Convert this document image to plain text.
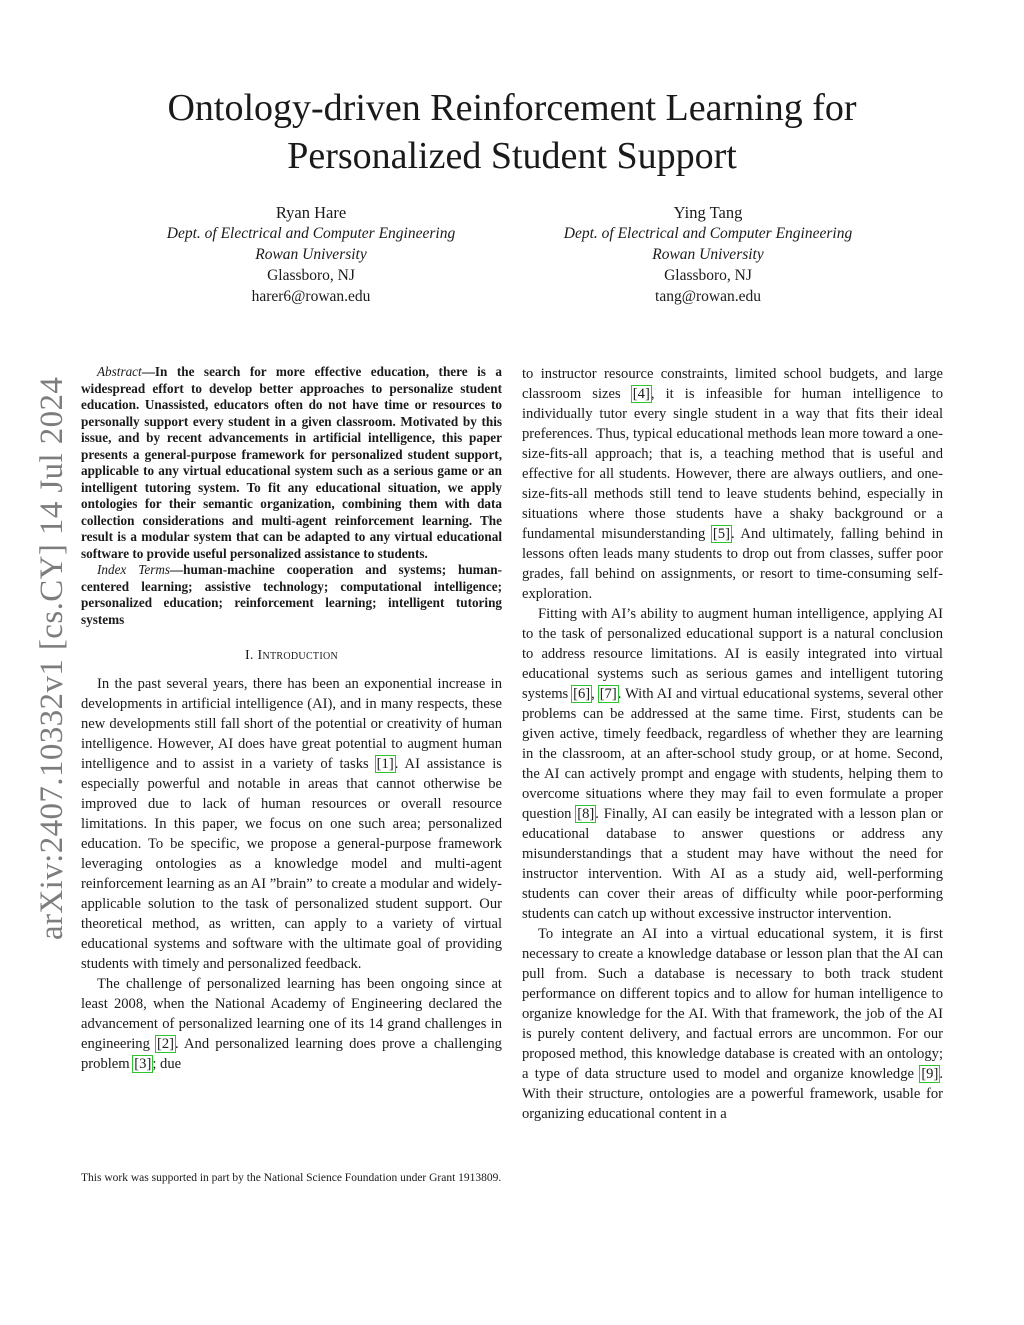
arXiv:2407.10332v1 [cs.CY] 14 Jul 2024
Ontology-driven Reinforcement Learning for Personalized Student Support
Ryan Hare
Dept. of Electrical and Computer Engineering
Rowan University
Glassboro, NJ
harer6@rowan.edu
Ying Tang
Dept. of Electrical and Computer Engineering
Rowan University
Glassboro, NJ
tang@rowan.edu

Abstract—In the search for more effective education, there is a widespread effort to develop better approaches to personalize student education. Unassisted, educators often do not have time or resources to personally support every student in a given classroom. Motivated by this issue, and by recent advancements in artificial intelligence, this paper presents a general-purpose framework for personalized student support, applicable to any virtual educational system such as a serious game or an intelligent tutoring system. To fit any educational situation, we apply ontologies for their semantic organization, combining them with data collection considerations and multi-agent reinforcement learning. The result is a modular system that can be adapted to any virtual educational software to provide useful personalized assistance to students.

Index Terms—human-machine cooperation and systems; human-centered learning; assistive technology; computational intelligence; personalized education; reinforcement learning; intelligent tutoring systems

I. Introduction

In the past several years, there has been an exponential increase in developments in artificial intelligence (AI), and in many respects, these new developments still fall short of the potential or creativity of human intelligence. However, AI does have great potential to augment human intelligence and to assist in a variety of tasks [1]. AI assistance is especially powerful and notable in areas that cannot otherwise be improved due to lack of human resources or overall resource limitations. In this paper, we focus on one such area; personalized education. To be specific, we propose a general-purpose framework leveraging ontologies as a knowledge model and multi-agent reinforcement learning as an AI ”brain” to create a modular and widely-applicable solution to the task of personalized student support. Our theoretical method, as written, can apply to a variety of virtual educational systems and software with the ultimate goal of providing students with timely and personalized feedback.

The challenge of personalized learning has been ongoing since at least 2008, when the National Academy of Engineering declared the advancement of personalized learning one of its 14 grand challenges in engineering [2]. And personalized learning does prove a challenging problem [3]; due

This work was supported in part by the National Science Foundation under Grant 1913809.

to instructor resource constraints, limited school budgets, and large classroom sizes [4], it is infeasible for human intelligence to individually tutor every single student in a way that fits their ideal preferences. Thus, typical educational methods lean more toward a one-size-fits-all approach; that is, a teaching method that is useful and effective for all students. However, there are always outliers, and one-size-fits-all methods still tend to leave students behind, especially in situations where those students have a shaky background or a fundamental misunderstanding [5]. And ultimately, falling behind in lessons often leads many students to drop out from classes, suffer poor grades, fall behind on assignments, or resort to time-consuming self-exploration.

Fitting with AI’s ability to augment human intelligence, applying AI to the task of personalized educational support is a natural conclusion to address resource limitations. AI is easily integrated into virtual educational systems such as serious games and intelligent tutoring systems [6], [7]. With AI and virtual educational systems, several other problems can be addressed at the same time. First, students can be given active, timely feedback, regardless of whether they are learning in the classroom, at an after-school study group, or at home. Second, the AI can actively prompt and engage with students, helping them to overcome situations where they may fail to even formulate a proper question [8]. Finally, AI can easily be integrated with a lesson plan or educational database to answer questions or address any misunderstandings that a student may have without the need for instructor intervention. With AI as a study aid, well-performing students can cover their areas of difficulty while poor-performing students can catch up without excessive instructor intervention.

To integrate an AI into a virtual educational system, it is first necessary to create a knowledge database or lesson plan that the AI can pull from. Such a database is necessary to both track student performance on different topics and to allow for human intelligence to organize knowledge for the AI. With that framework, the job of the AI is purely content delivery, and factual errors are uncommon. For our proposed method, this knowledge database is created with an ontology; a type of data structure used to model and organize knowledge [9]. With their structure, ontologies are a powerful framework, usable for organizing educational content in a
